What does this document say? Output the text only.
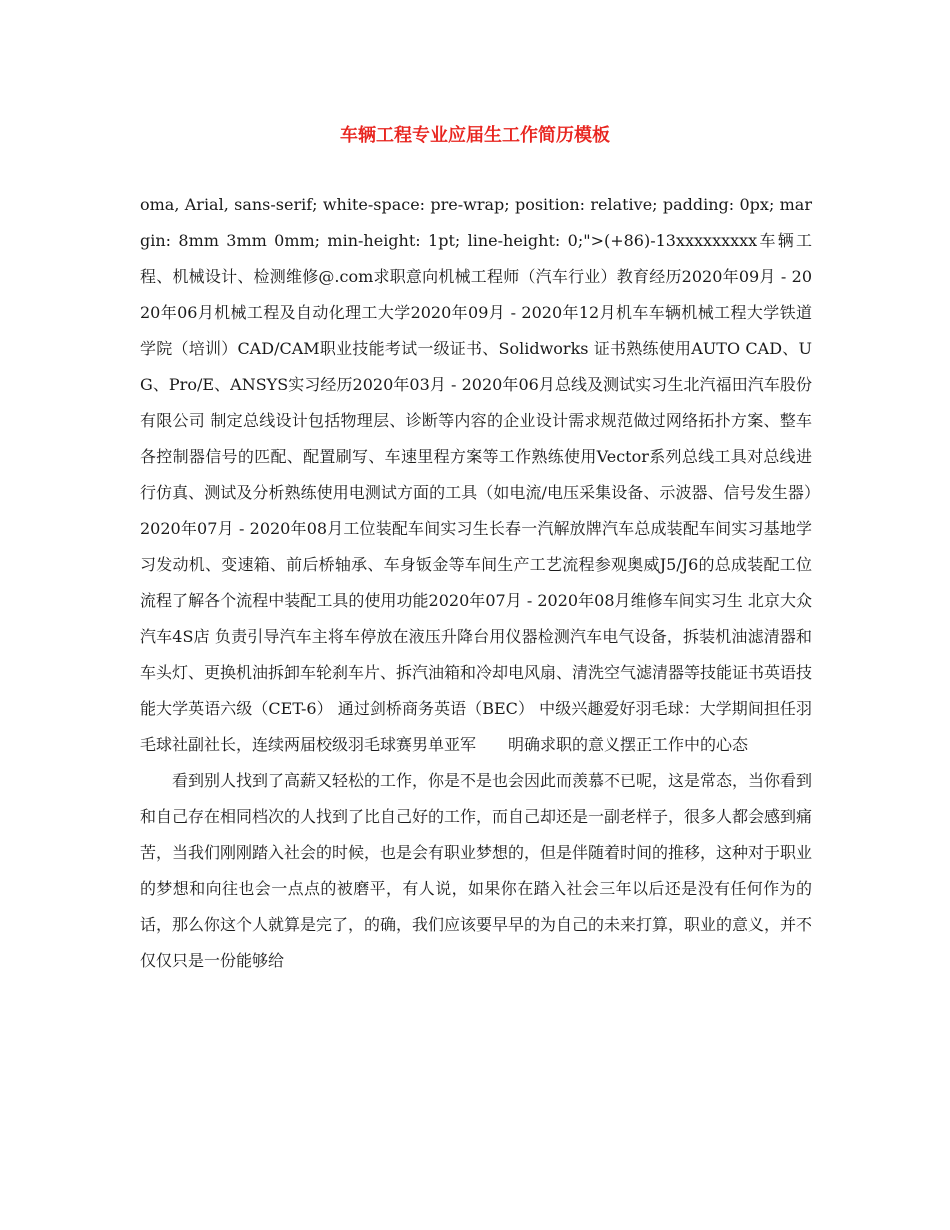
车辆工程专业应届生工作简历模板

oma, Arial, sans-serif; white-space: pre-wrap; position: relative; padding: 0px; margin: 8mm 3mm 0mm; min-height: 1pt; line-height: 0;">(+86)-13xxxxxxxxx车辆工程、机械设计、检测维修@.com求职意向机械工程师（汽车行业）教育经历2020年09月 - 2020年06月机械工程及自动化理工大学2020年09月 - 2020年12月机车车辆机械工程大学铁道学院（培训）CAD/CAM职业技能考试一级证书、Solidworks 证书熟练使用AUTO CAD、UG、Pro/E、ANSYS实习经历2020年03月 - 2020年06月总线及测试实习生北汽福田汽车股份有限公司 制定总线设计包括物理层、诊断等内容的企业设计需求规范做过网络拓扑方案、整车各控制器信号的匹配、配置刷写、车速里程方案等工作熟练使用Vector系列总线工具对总线进行仿真、测试及分析熟练使用电测试方面的工具（如电流/电压采集设备、示波器、信号发生器）2020年07月 - 2020年08月工位装配车间实习生长春一汽解放牌汽车总成装配车间实习基地学习发动机、变速箱、前后桥轴承、车身钣金等车间生产工艺流程参观奥威J5/J6的总成装配工位流程了解各个流程中装配工具的使用功能2020年07月 - 2020年08月维修车间实习生 北京大众汽车4S店 负责引导汽车主将车停放在液压升降台用仪器检测汽车电气设备，拆装机油滤清器和车头灯、更换机油拆卸车轮刹车片、拆汽油箱和冷却电风扇、清洗空气滤清器等技能证书英语技能大学英语六级（CET-6） 通过剑桥商务英语（BEC） 中级兴趣爱好羽毛球：大学期间担任羽毛球社副社长，连续两届校级羽毛球赛男单亚军　　明确求职的意义摆正工作中的心态

看到别人找到了高薪又轻松的工作，你是不是也会因此而羡慕不已呢，这是常态，当你看到和自己存在相同档次的人找到了比自己好的工作，而自己却还是一副老样子，很多人都会感到痛苦，当我们刚刚踏入社会的时候，也是会有职业梦想的，但是伴随着时间的推移，这种对于职业的梦想和向往也会一点点的被磨平，有人说，如果你在踏入社会三年以后还是没有任何作为的话，那么你这个人就算是完了，的确，我们应该要早早的为自己的未来打算，职业的意义，并不仅仅只是一份能够给
